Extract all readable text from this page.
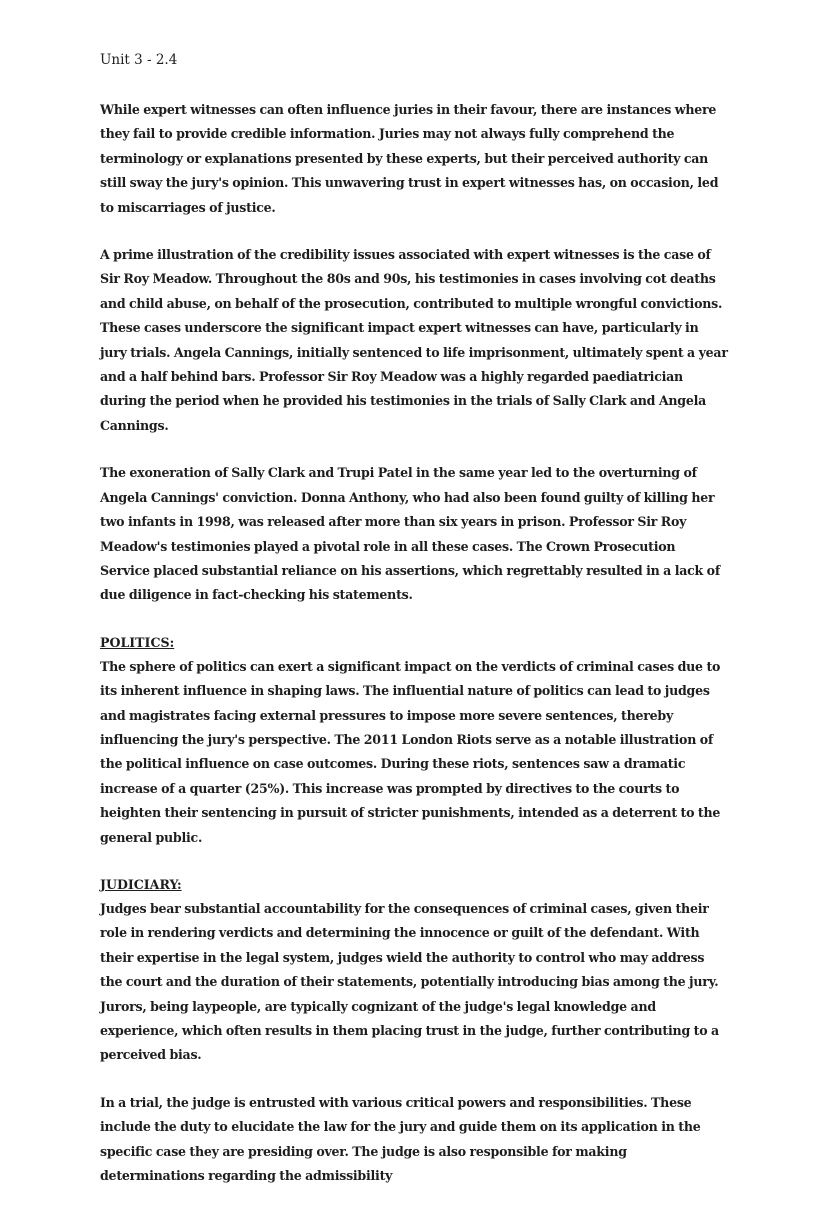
Unit 3 - 2.4

While expert witnesses can often influence juries in their favour, there are instances where they fail to provide credible information. Juries may not always fully comprehend the terminology or explanations presented by these experts, but their perceived authority can still sway the jury's opinion. This unwavering trust in expert witnesses has, on occasion, led to miscarriages of justice.

A prime illustration of the credibility issues associated with expert witnesses is the case of Sir Roy Meadow. Throughout the 80s and 90s, his testimonies in cases involving cot deaths and child abuse, on behalf of the prosecution, contributed to multiple wrongful convictions. These cases underscore the significant impact expert witnesses can have, particularly in jury trials. Angela Cannings, initially sentenced to life imprisonment, ultimately spent a year and a half behind bars. Professor Sir Roy Meadow was a highly regarded paediatrician during the period when he provided his testimonies in the trials of Sally Clark and Angela Cannings.

The exoneration of Sally Clark and Trupi Patel in the same year led to the overturning of Angela Cannings' conviction. Donna Anthony, who had also been found guilty of killing her two infants in 1998, was released after more than six years in prison. Professor Sir Roy Meadow's testimonies played a pivotal role in all these cases. The Crown Prosecution Service placed substantial reliance on his assertions, which regrettably resulted in a lack of due diligence in fact-checking his statements.

POLITICS:

The sphere of politics can exert a significant impact on the verdicts of criminal cases due to its inherent influence in shaping laws. The influential nature of politics can lead to judges and magistrates facing external pressures to impose more severe sentences, thereby influencing the jury's perspective. The 2011 London Riots serve as a notable illustration of the political influence on case outcomes. During these riots, sentences saw a dramatic increase of a quarter (25%). This increase was prompted by directives to the courts to heighten their sentencing in pursuit of stricter punishments, intended as a deterrent to the general public.

JUDICIARY:

Judges bear substantial accountability for the consequences of criminal cases, given their role in rendering verdicts and determining the innocence or guilt of the defendant. With their expertise in the legal system, judges wield the authority to control who may address the court and the duration of their statements, potentially introducing bias among the jury. Jurors, being laypeople, are typically cognizant of the judge's legal knowledge and experience, which often results in them placing trust in the judge, further contributing to a perceived bias.

In a trial, the judge is entrusted with various critical powers and responsibilities. These include the duty to elucidate the law for the jury and guide them on its application in the specific case they are presiding over. The judge is also responsible for making determinations regarding the admissibility
